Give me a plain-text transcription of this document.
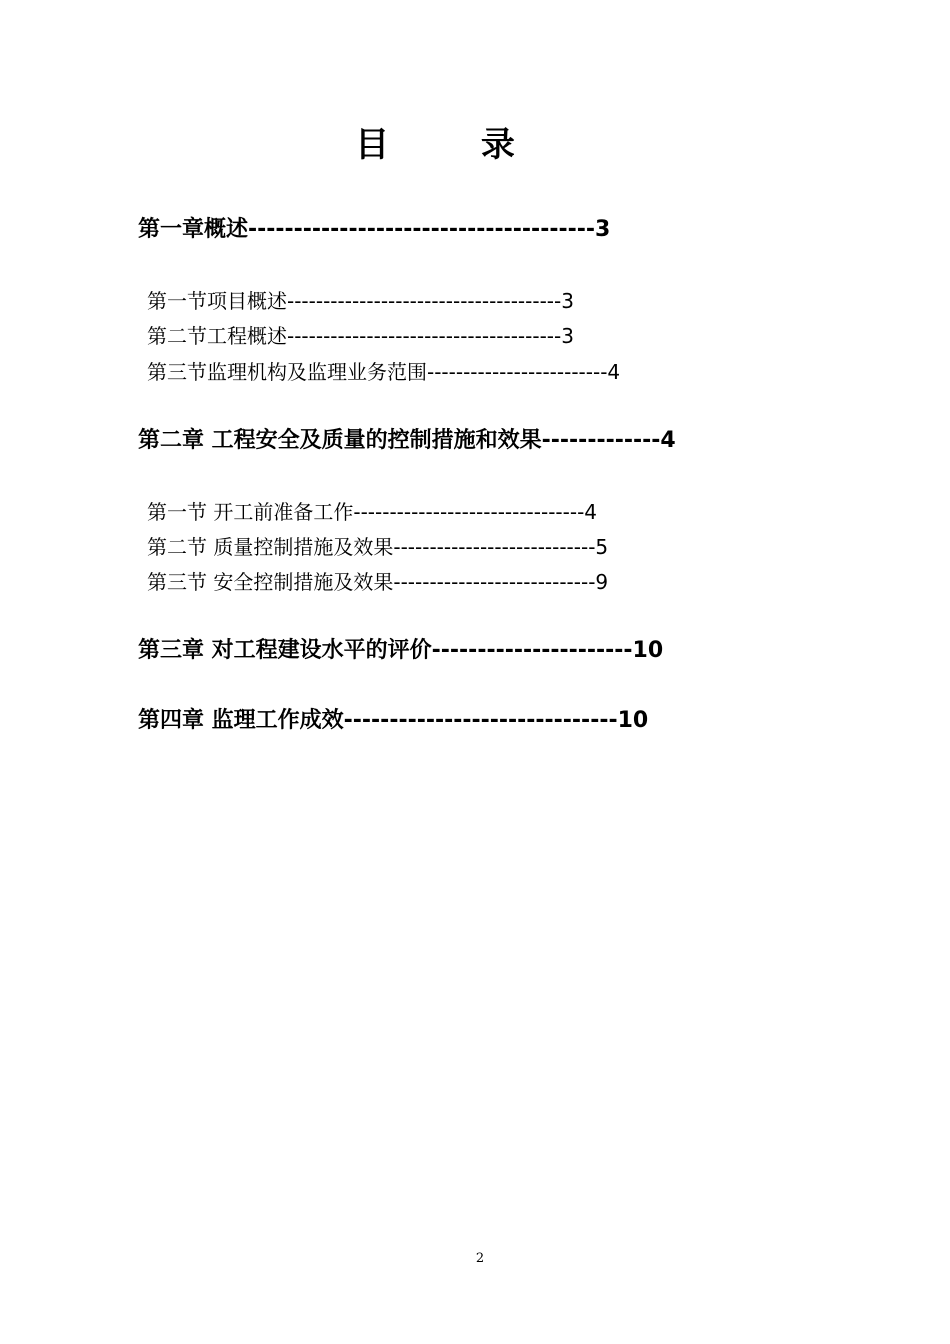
目 录
第一章概述--------------------------------------3
第一节项目概述--------------------------------------3
第二节工程概述--------------------------------------3
第三节监理机构及监理业务范围-------------------------4
第二章 工程安全及质量的控制措施和效果-------------4
第一节 开工前准备工作--------------------------------4
第二节 质量控制措施及效果----------------------------5
第三节 安全控制措施及效果----------------------------9
第三章 对工程建设水平的评价----------------------10
第四章 监理工作成效------------------------------10
2
